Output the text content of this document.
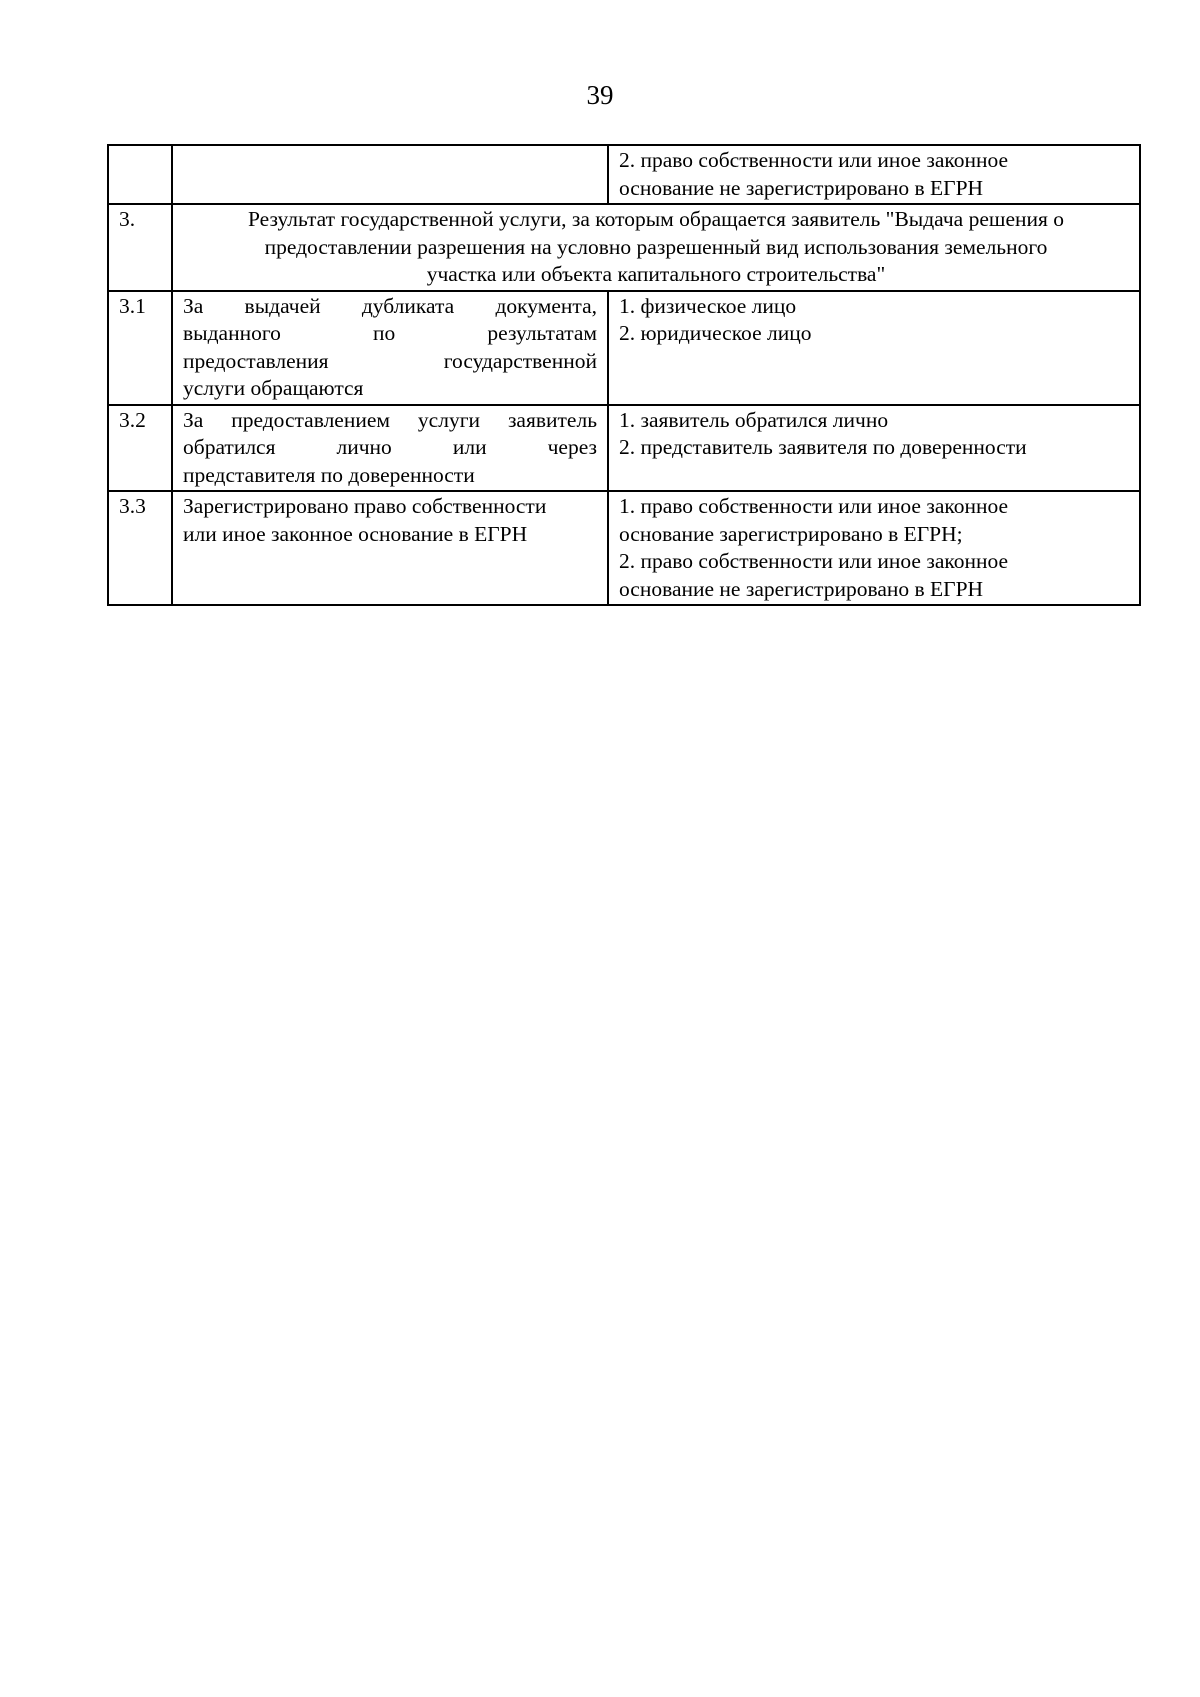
39

		2. право собственности или иное законное
основание не зарегистрировано в ЕГРН

3.	Результат государственной услуги, за которым обращается заявитель "Выдача решения о
предоставлении разрешения на условно разрешенный вид использования земельного
участка или объекта капитального строительства"	

3.1	За выдачей дубликата документа,
выданного по результатам
предоставления государственной
услуги обращаются	1. физическое лицо
2. юридическое лицо

3.2	За предоставлением услуги заявитель
обратился лично или через
представителя по доверенности	1. заявитель обратился лично
2. представитель заявителя по доверенности

3.3	Зарегистрировано право собственности
или иное законное основание в ЕГРН	1. право собственности или иное законное
основание зарегистрировано в ЕГРН;
2. право собственности или иное законное
основание не зарегистрировано в ЕГРН
